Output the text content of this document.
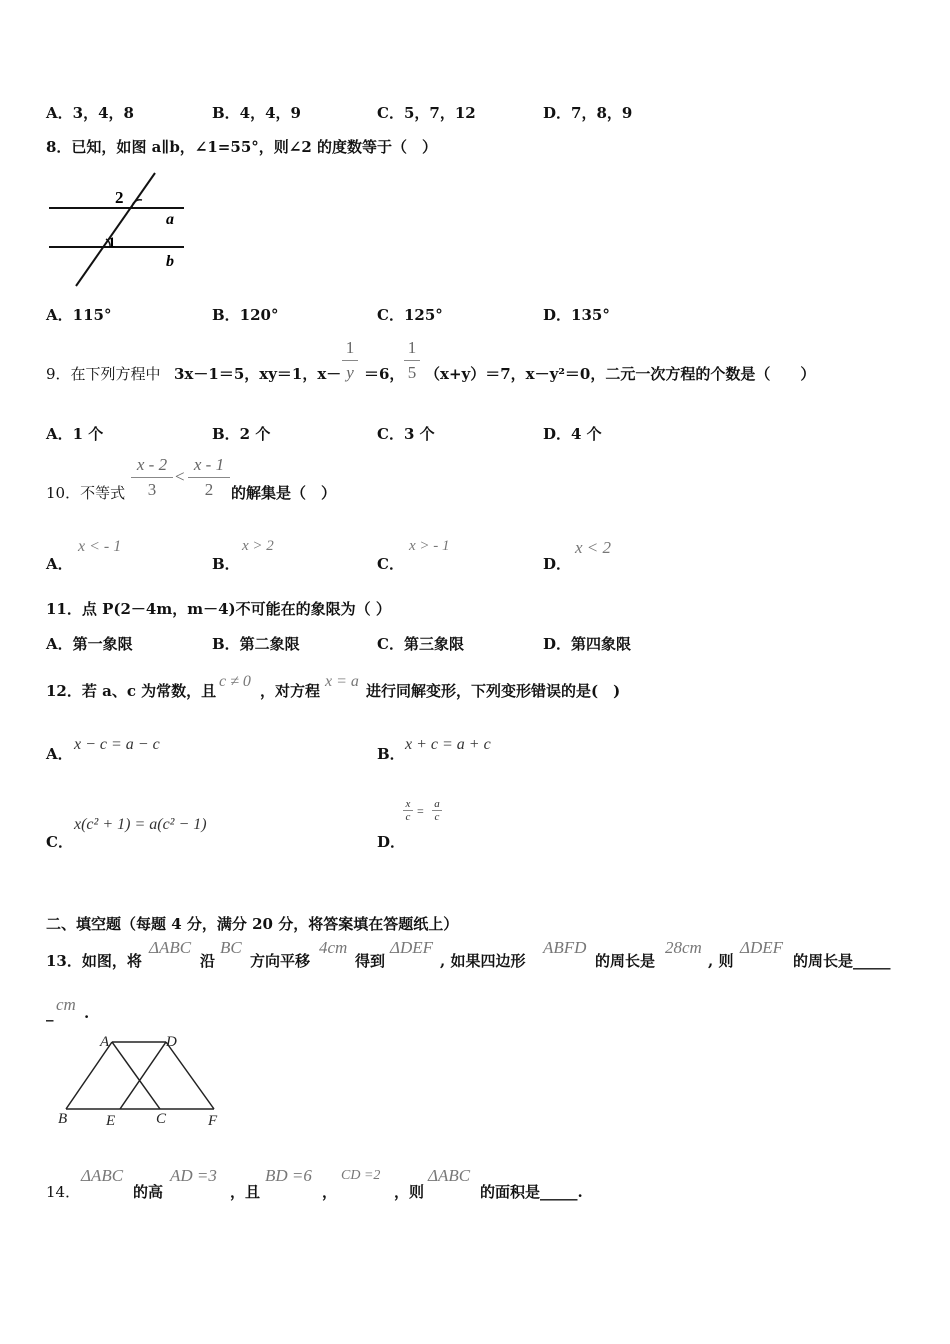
A．3，4，8	B．4，4，9	C．5，7，12	D．7，8，9
8．已知，如图 a∥b，∠1=55°，则∠2 的度数等于（　）
2
1
a
b
A．115°	B．120°	C．125°	D．135°
9．在下列方程中 3x－1＝5，xy＝1，x－
1
y ＝6，
1
5 （x+y）＝7，x－y²＝0，二元一次方程的个数是（　　）
A．1 个	B．2 个	C．3 个	D．4 个
10．不等式
x - 2
3
<
x - 1
2	的解集是（　）
A．
x < - 1
B．
x > 2
C．
x > - 1
D．
x < 2
11．点 P(2－4m，m－4)不可能在的象限为（ ）
A．第一象限	B．第二象限	C．第三象限	D．第四象限
12．若 a、c 为常数，且
c ≠ 0
，对方程
x = a
进行同解变形，下列变形错误的是(　)
A．
x − c = a − c
B．
x + c = a + c
C．
x(c² + 1) = a(c² − 1)
D．
x
c = a
c
二、填空题（每题 4 分，满分 20 分，将答案填在答题纸上）
13．如图，将
ΔABC
沿
BC
方向平移
4cm
得到
ΔDEF
, 如果四边形
ABFD
的周长是
28cm
, 则
ΔDEF
的周长是_____
_ cm .
A	D
B	E	C	F
14．
ΔABC
的高
AD =3
，且
BD =6
，
CD =2
，则
ΔABC
的面积是_____.
